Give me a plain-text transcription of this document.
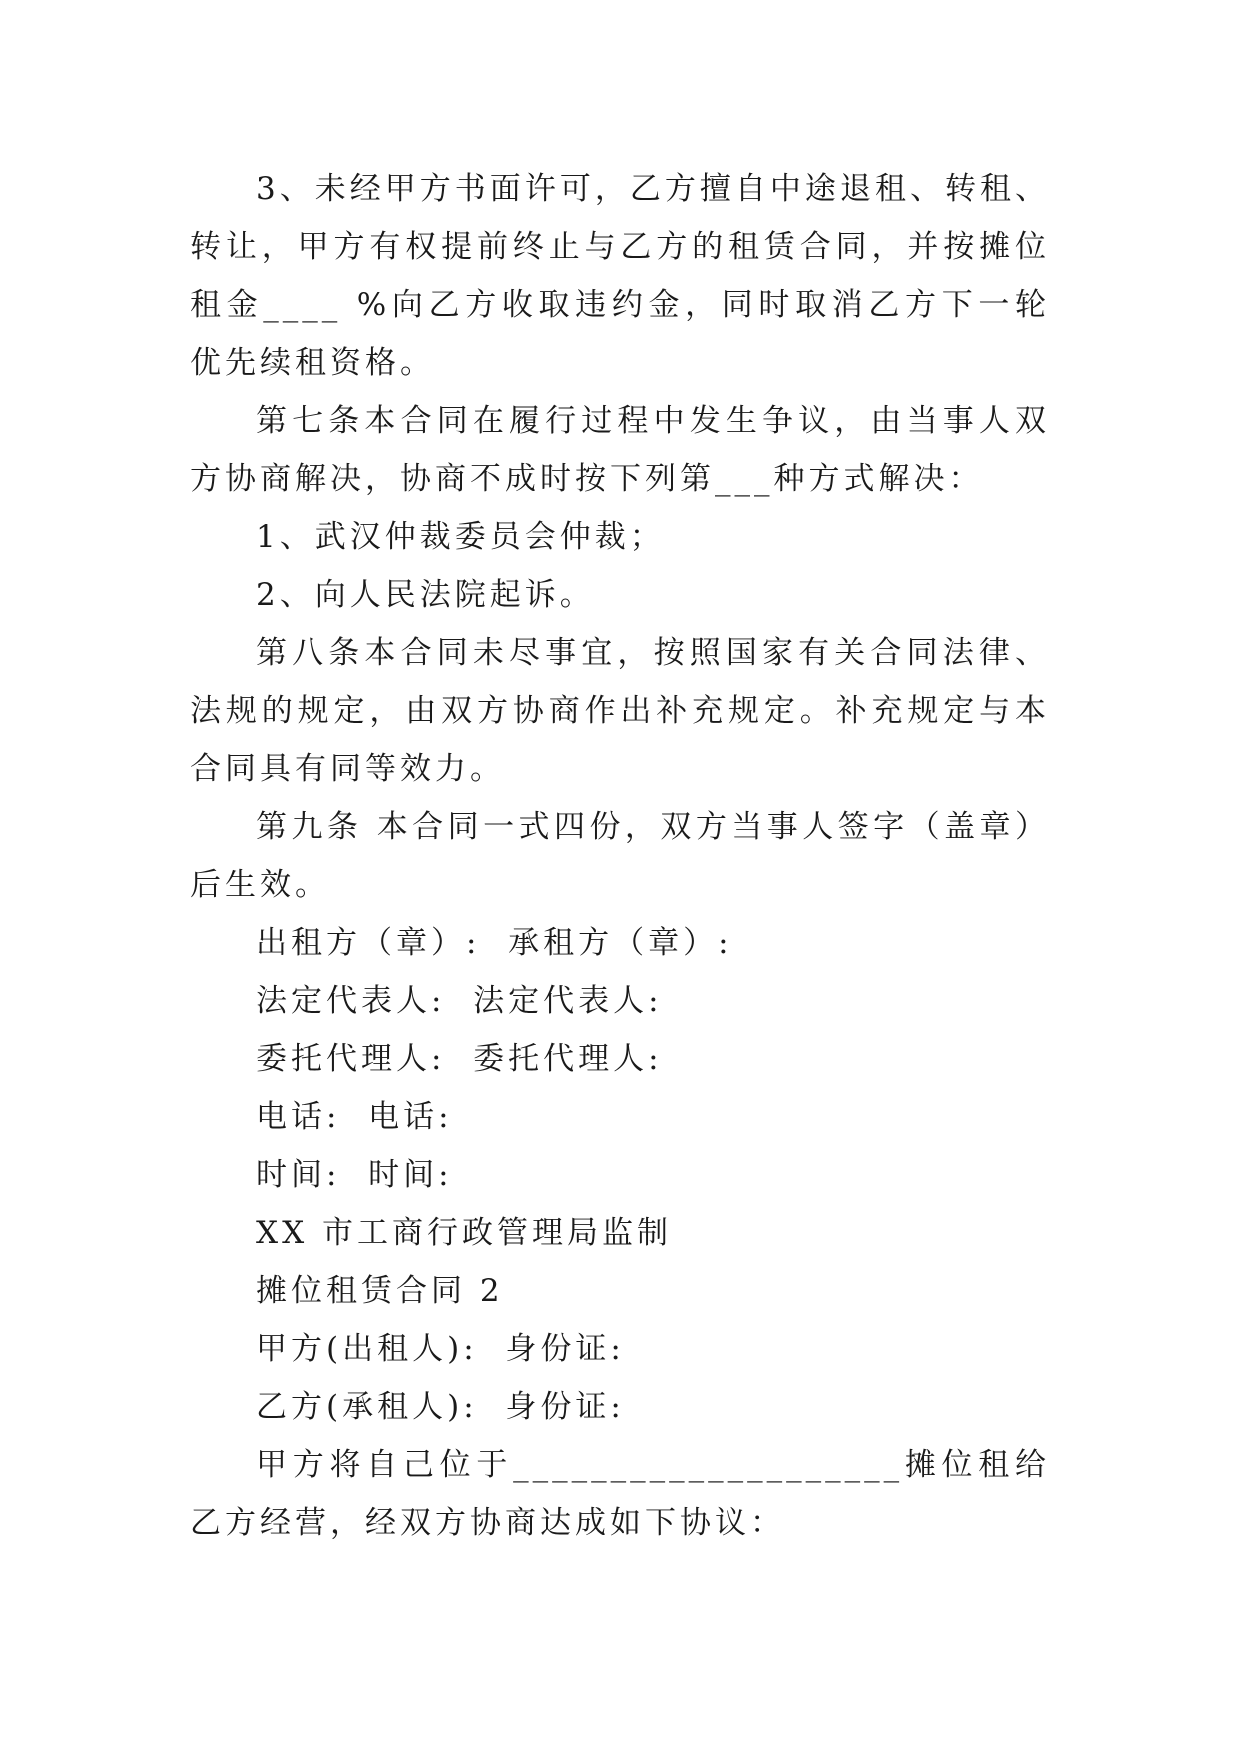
3、未经甲方书面许可，乙方擅自中途退租、转租、转让，甲方有权提前终止与乙方的租赁合同，并按摊位租金____ %向乙方收取违约金，同时取消乙方下一轮优先续租资格。

第七条本合同在履行过程中发生争议，由当事人双方协商解决，协商不成时按下列第___种方式解决：

1、武汉仲裁委员会仲裁；

2、向人民法院起诉。

第八条本合同未尽事宜，按照国家有关合同法律、法规的规定，由双方协商作出补充规定。补充规定与本合同具有同等效力。

第九条 本合同一式四份，双方当事人签字（盖章）后生效。

出租方（章）:  承租方（章）:

法定代表人:  法定代表人:

委托代理人:  委托代理人:

电话:  电话:

时间:  时间:

XX 市工商行政管理局监制

摊位租赁合同 2

甲方(出租人):  身份证:

乙方(承租人):  身份证:

甲方将自己位于____________________摊位租给乙方经营，经双方协商达成如下协议：
